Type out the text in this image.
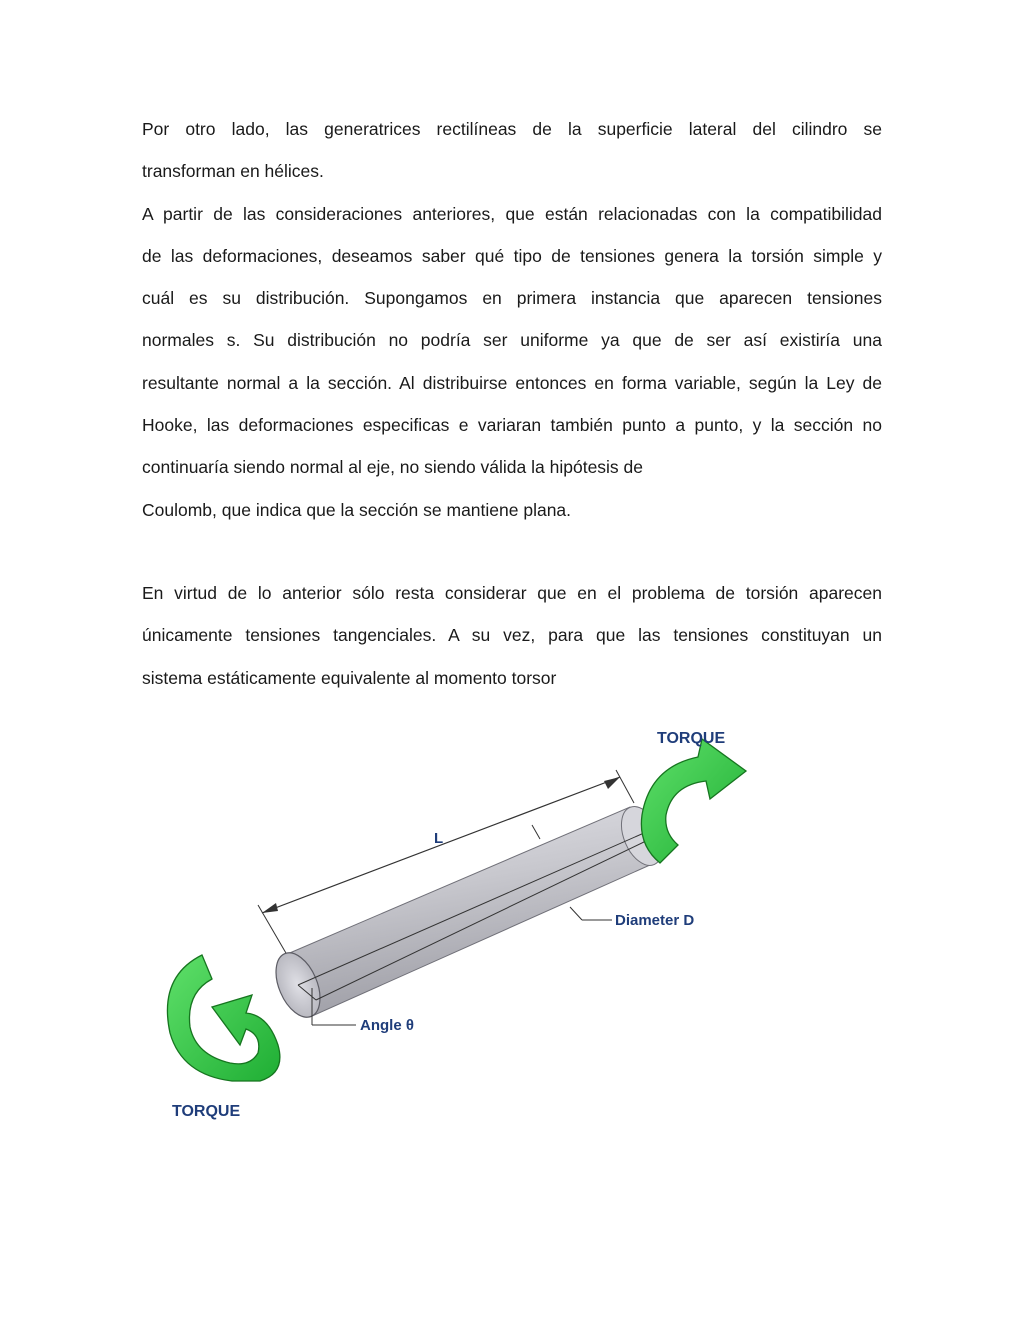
Por otro lado, las generatrices rectilíneas de la superficie lateral del cilindro se
transforman en hélices.
A partir de las consideraciones anteriores, que están relacionadas con la compatibilidad
de las deformaciones, deseamos saber qué tipo de tensiones genera la torsión simple y
cuál es su distribución. Supongamos en primera instancia que aparecen tensiones
normales s. Su distribución no podría ser uniforme ya que de ser así existiría una
resultante normal a la sección. Al distribuirse entonces en forma variable, según la Ley de
Hooke, las deformaciones especificas e variaran también punto a punto, y la sección no
continuaría siendo normal al eje, no siendo válida la hipótesis de
Coulomb, que indica que la sección se mantiene plana.
En virtud de lo anterior sólo resta considerar que en el problema de torsión aparecen
únicamente tensiones tangenciales. A su vez, para que las tensiones constituyan un
sistema estáticamente equivalente al momento torsor
Diameter D
Angle θ
L
TORQUE
TORQUE
